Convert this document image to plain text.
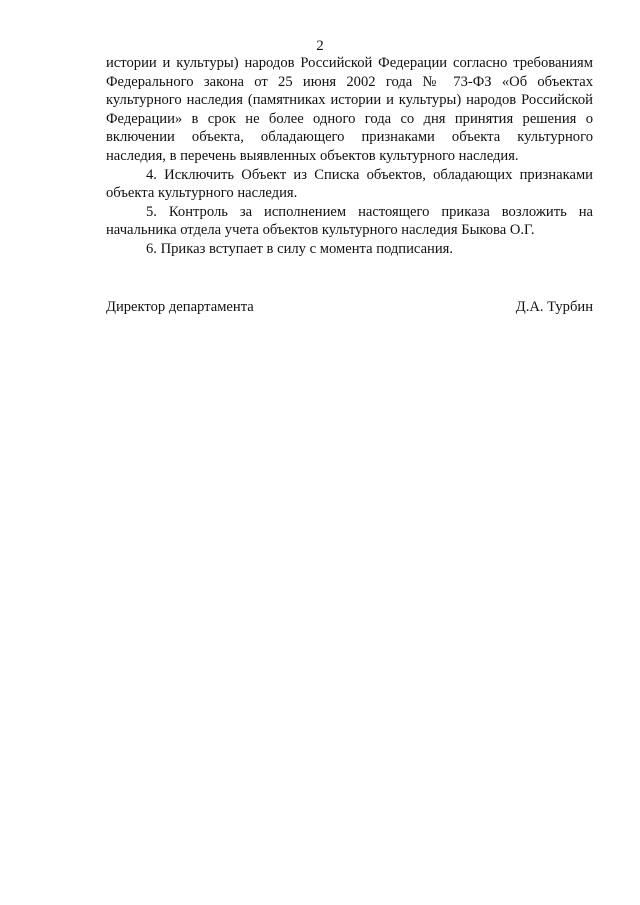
2
истории и культуры) народов Российской Федерации согласно требованиям
Федерального закона от 25 июня 2002 года № 73-ФЗ «Об объектах
культурного наследия (памятниках истории и культуры) народов Российской
Федерации» в срок не более одного года со дня принятия решения о
включении объекта, обладающего признаками объекта культурного
наследия, в перечень выявленных объектов культурного наследия.
4. Исключить Объект из Списка объектов, обладающих признаками
объекта культурного наследия.
5. Контроль за исполнением настоящего приказа возложить на
начальника отдела учета объектов культурного наследия Быкова О.Г.
6. Приказ вступает в силу с момента подписания.
Директор департамента	Д.А. Турбин
